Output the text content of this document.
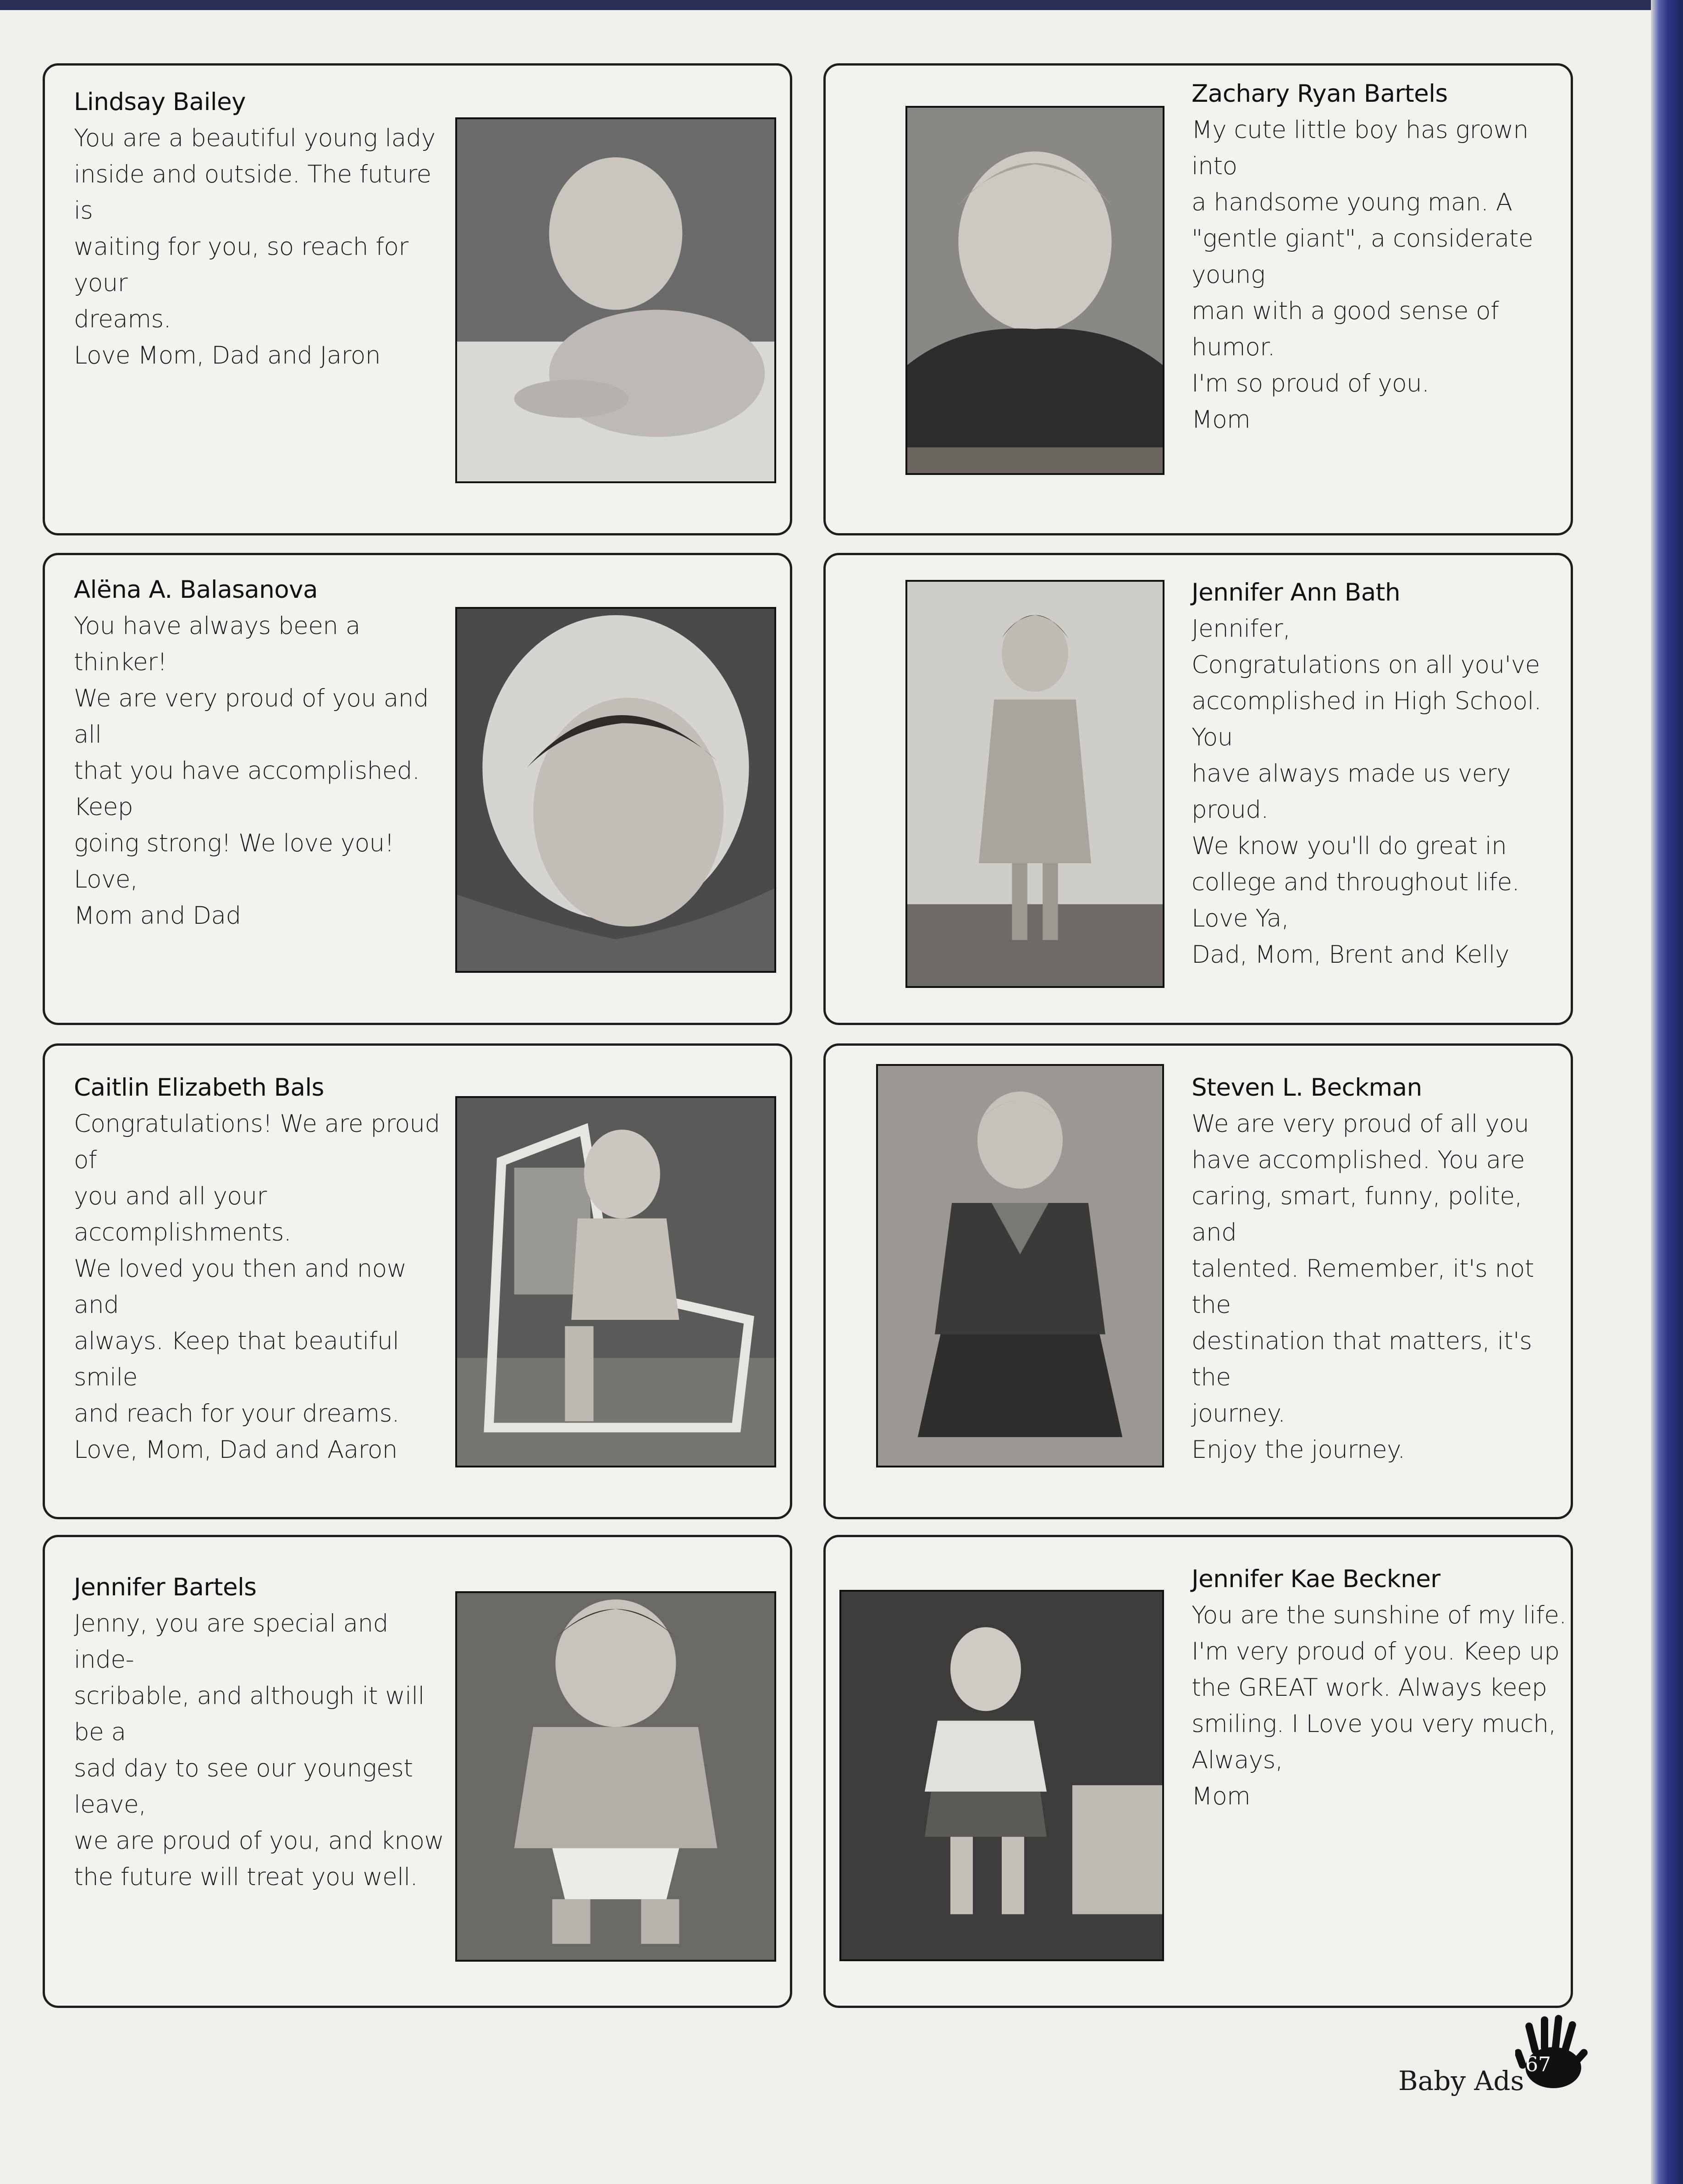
Lindsay Bailey

You are a beautiful young lady
inside and outside. The future is
waiting for you, so reach for your
dreams.
Love Mom, Dad and Jaron

Zachary Ryan Bartels

My cute little boy has grown into
a handsome young man. A
"gentle giant", a considerate young
man with a good sense of humor.
I'm so proud of you.
Mom

Alëna A. Balasanova

You have always been a thinker!
We are very proud of you and all
that you have accomplished. Keep
going strong! We love you!
Love,
Mom and Dad

Jennifer Ann Bath

Jennifer,
Congratulations on all you've
accomplished in High School. You
have always made us very proud.
We know you'll do great in
college and throughout life.
Love Ya,
Dad, Mom, Brent and Kelly

Caitlin Elizabeth Bals

Congratulations! We are proud of
you and all your accomplishments.
We loved you then and now and
always. Keep that beautiful smile
and reach for your dreams.
Love, Mom, Dad and Aaron

Steven L. Beckman

We are very proud of all you
have accomplished. You are
caring, smart, funny, polite, and
talented. Remember, it's not the
destination that matters, it's the
journey.
Enjoy the journey.

Jennifer Bartels

Jenny, you are special and inde-
scribable, and although it will be a
sad day to see our youngest leave,
we are proud of you, and know
the future will treat you well.

Jennifer Kae Beckner

You are the sunshine of my life.
I'm very proud of you. Keep up
the GREAT work. Always keep
smiling. I Love you very much,
Always,
Mom

Baby Ads
67
